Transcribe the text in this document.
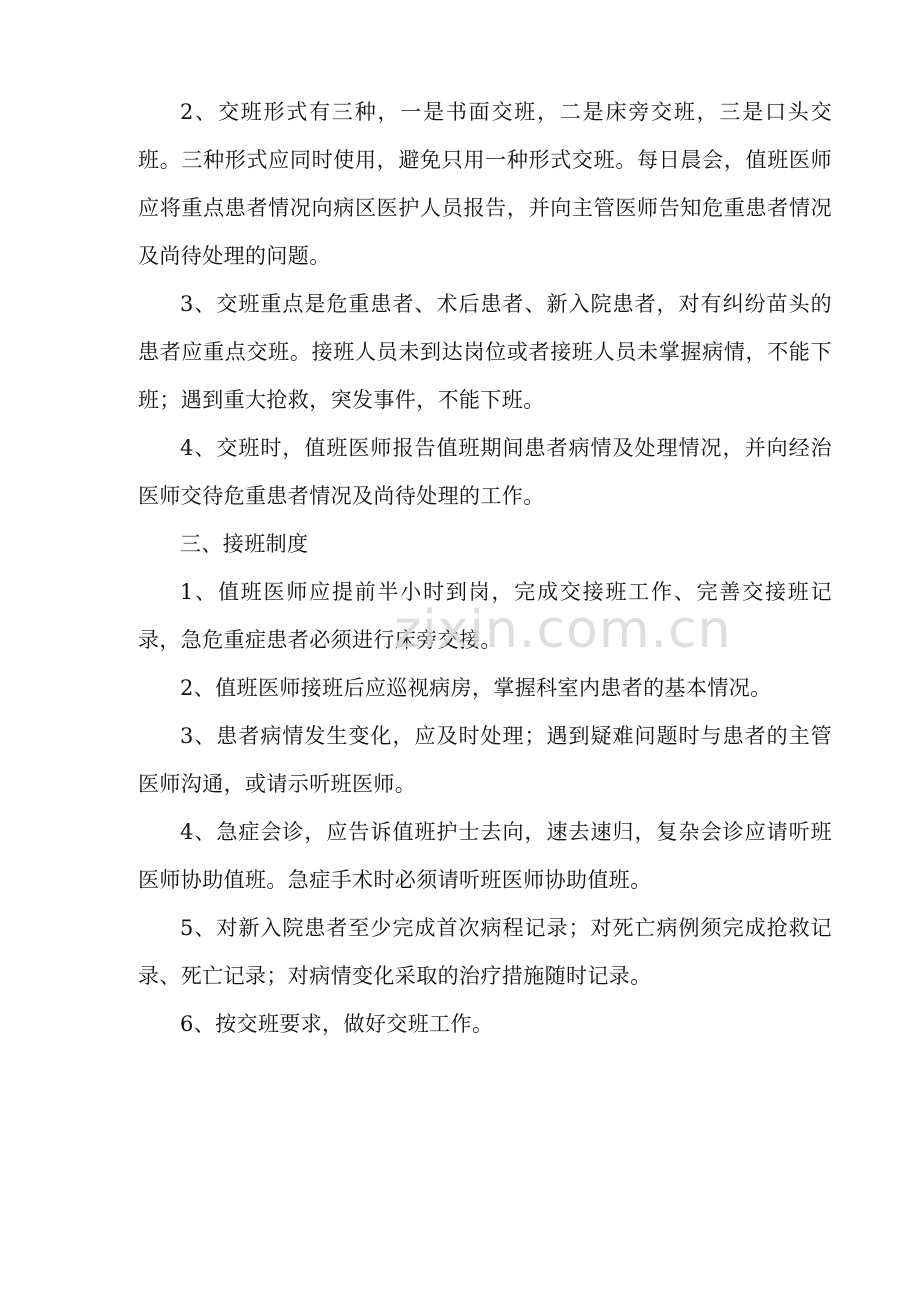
2、交班形式有三种，一是书面交班，二是床旁交班，三是口头交班。三种形式应同时使用，避免只用一种形式交班。每日晨会，值班医师应将重点患者情况向病区医护人员报告，并向主管医师告知危重患者情况及尚待处理的问题。

3、交班重点是危重患者、术后患者、新入院患者，对有纠纷苗头的患者应重点交班。接班人员未到达岗位或者接班人员未掌握病情，不能下班；遇到重大抢救，突发事件，不能下班。

4、交班时，值班医师报告值班期间患者病情及处理情况，并向经治医师交待危重患者情况及尚待处理的工作。

三、接班制度

1、值班医师应提前半小时到岗，完成交接班工作、完善交接班记录，急危重症患者必须进行床旁交接。

2、值班医师接班后应巡视病房，掌握科室内患者的基本情况。

3、患者病情发生变化，应及时处理；遇到疑难问题时与患者的主管医师沟通，或请示听班医师。

4、急症会诊，应告诉值班护士去向，速去速归，复杂会诊应请听班医师协助值班。急症手术时必须请听班医师协助值班。

5、对新入院患者至少完成首次病程记录；对死亡病例须完成抢救记录、死亡记录；对病情变化采取的治疗措施随时记录。

6、按交班要求，做好交班工作。

zixin.com.cn
